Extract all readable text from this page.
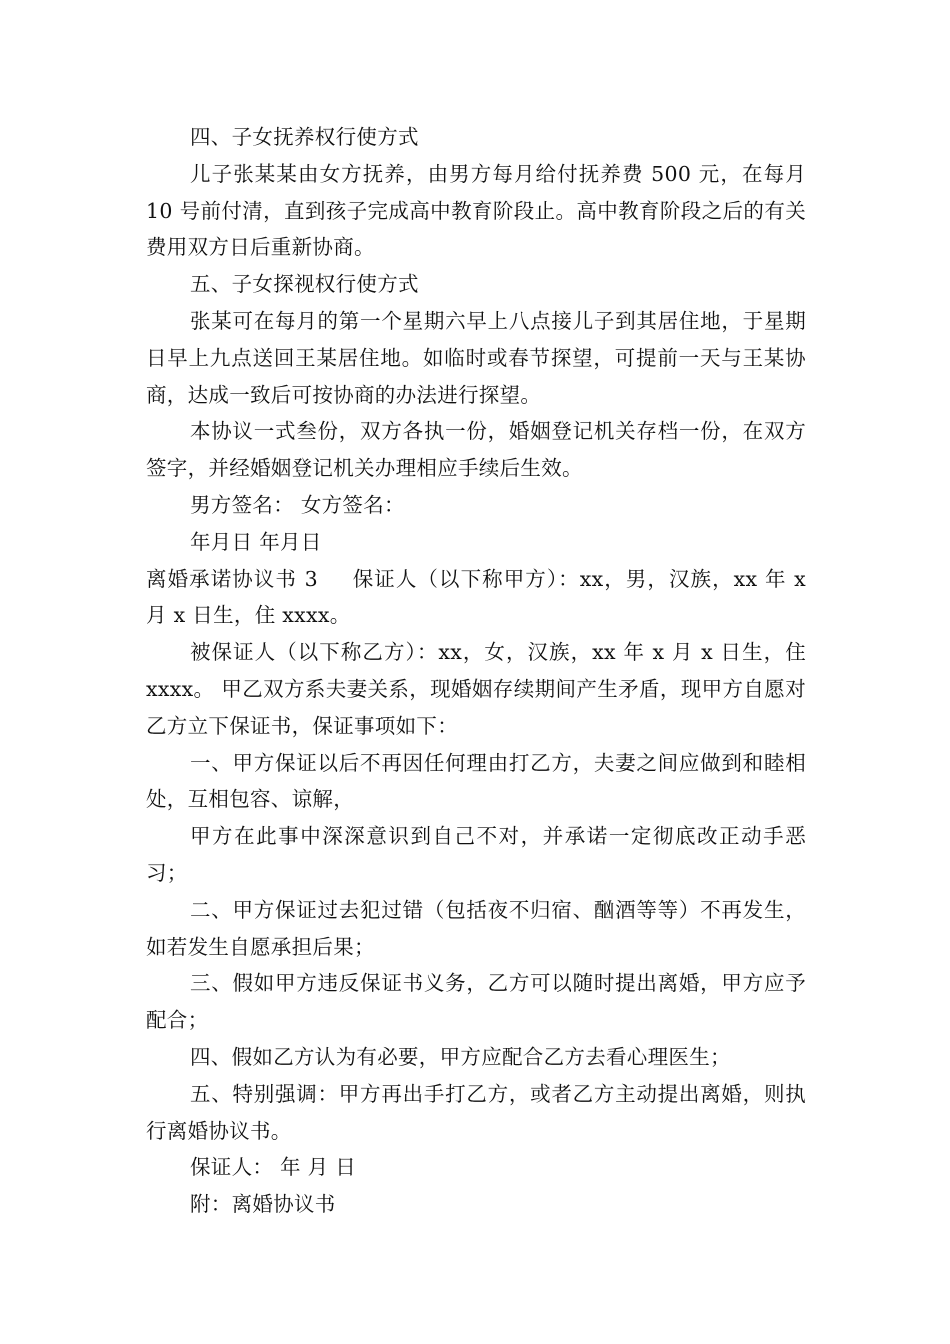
四、子女抚养权行使方式

儿子张某某由女方抚养，由男方每月给付抚养费 500 元，在每月 10 号前付清，直到孩子完成高中教育阶段止。高中教育阶段之后的有关费用双方日后重新协商。

五、子女探视权行使方式

张某可在每月的第一个星期六早上八点接儿子到其居住地，于星期日早上九点送回王某居住地。如临时或春节探望，可提前一天与王某协商，达成一致后可按协商的办法进行探望。

本协议一式叁份，双方各执一份，婚姻登记机关存档一份，在双方签字，并经婚姻登记机关办理相应手续后生效。

男方签名： 女方签名：

年月日 年月日

离婚承诺协议书 3 保证人（以下称甲方）：xx，男，汉族，xx 年 x 月 x 日生，住 xxxx。

被保证人（以下称乙方）：xx，女，汉族，xx 年 x 月 x 日生，住 xxxx。 甲乙双方系夫妻关系，现婚姻存续期间产生矛盾，现甲方自愿对乙方立下保证书，保证事项如下：

一、甲方保证以后不再因任何理由打乙方，夫妻之间应做到和睦相处，互相包容、谅解，

甲方在此事中深深意识到自己不对，并承诺一定彻底改正动手恶习；

二、甲方保证过去犯过错（包括夜不归宿、酗酒等等）不再发生，如若发生自愿承担后果；

三、假如甲方违反保证书义务，乙方可以随时提出离婚，甲方应予配合；

四、假如乙方认为有必要，甲方应配合乙方去看心理医生；

五、特别强调：甲方再出手打乙方，或者乙方主动提出离婚，则执行离婚协议书。

保证人： 年 月 日

附：离婚协议书
